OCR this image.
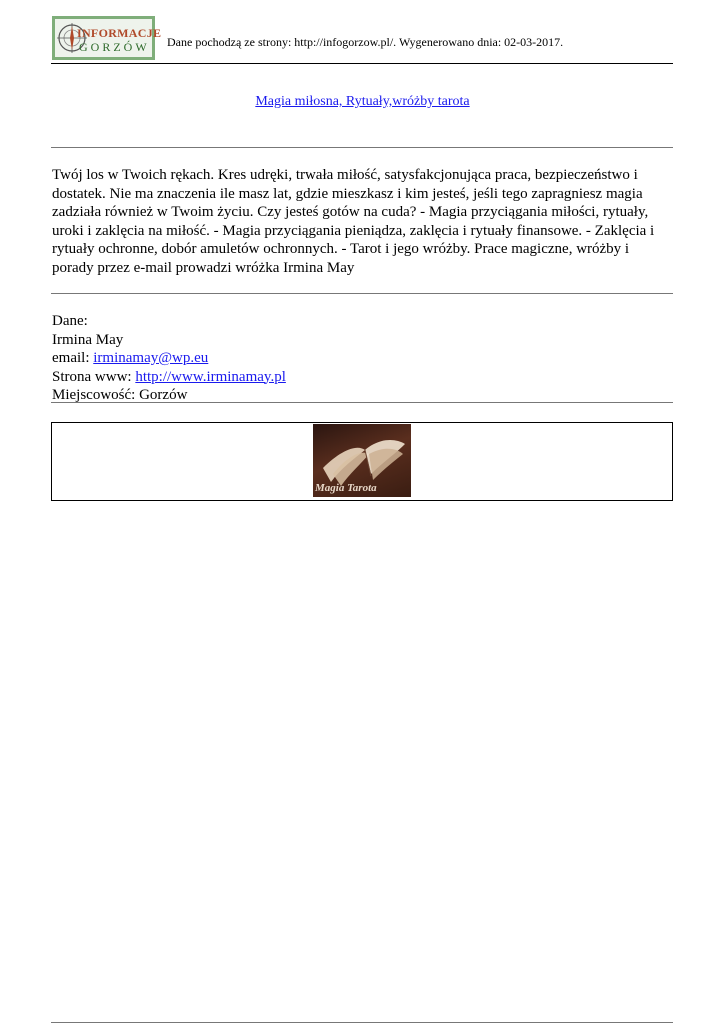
INFORMACJE
GORZÓW Dane pochodzą ze strony: http://infogorzow.pl/. Wygenerowano dnia: 02-03-2017.
Magia miłosna, Rytuały,wróżby tarota
Twój los w Twoich rękach. Kres udręki, trwała miłość, satysfakcjonująca praca, bezpieczeństwo i dostatek. Nie ma znaczenia ile masz lat, gdzie mieszkasz i kim jesteś, jeśli tego zapragniesz magia zadziała również w Twoim życiu. Czy jesteś gotów na cuda? - Magia przyciągania miłości, rytuały, uroki i zaklęcia na miłość. - Magia przyciągania pieniądza, zaklęcia i rytuały finansowe. - Zaklęcia i rytuały ochronne, dobór amuletów ochronnych. - Tarot i jego wróżby. Prace magiczne, wróżby i porady przez e-mail prowadzi wróżka Irmina May
Dane:
Irmina May
email: irminamay@wp.eu
Strona www: http://www.irminamay.pl
Miejscowość: Gorzów
Magia Tarota
